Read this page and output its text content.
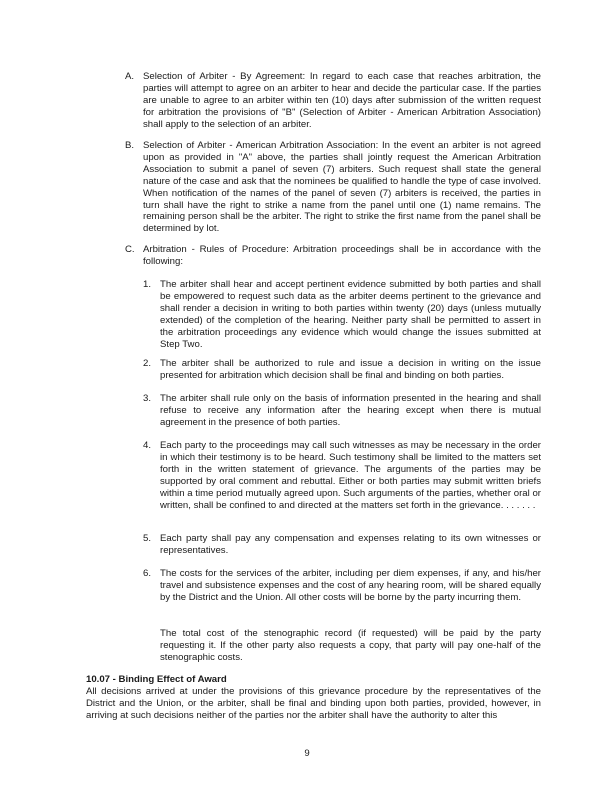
A. Selection of Arbiter - By Agreement: In regard to each case that reaches arbitration, the parties will attempt to agree on an arbiter to hear and decide the particular case. If the parties are unable to agree to an arbiter within ten (10) days after submission of the written request for arbitration the provisions of "B" (Selection of Arbiter - American Arbitration Association) shall apply to the selection of an arbiter.
B. Selection of Arbiter - American Arbitration Association: In the event an arbiter is not agreed upon as provided in "A" above, the parties shall jointly request the American Arbitration Association to submit a panel of seven (7) arbiters. Such request shall state the general nature of the case and ask that the nominees be qualified to handle the type of case involved. When notification of the names of the panel of seven (7) arbiters is received, the parties in turn shall have the right to strike a name from the panel until one (1) name remains. The remaining person shall be the arbiter. The right to strike the first name from the panel shall be determined by lot.
C. Arbitration - Rules of Procedure: Arbitration proceedings shall be in accordance with the following:
1. The arbiter shall hear and accept pertinent evidence submitted by both parties and shall be empowered to request such data as the arbiter deems pertinent to the grievance and shall render a decision in writing to both parties within twenty (20) days (unless mutually extended) of the completion of the hearing. Neither party shall be permitted to assert in the arbitration proceedings any evidence which would change the issues submitted at Step Two.
2. The arbiter shall be authorized to rule and issue a decision in writing on the issue presented for arbitration which decision shall be final and binding on both parties.
3. The arbiter shall rule only on the basis of information presented in the hearing and shall refuse to receive any information after the hearing except when there is mutual agreement in the presence of both parties.
4. Each party to the proceedings may call such witnesses as may be necessary in the order in which their testimony is to be heard. Such testimony shall be limited to the matters set forth in the written statement of grievance. The arguments of the parties may be supported by oral comment and rebuttal. Either or both parties may submit written briefs within a time period mutually agreed upon. Such arguments of the parties, whether oral or written, shall be confined to and directed at the matters set forth in the grievance. . . . . . .
5. Each party shall pay any compensation and expenses relating to its own witnesses or representatives.
6. The costs for the services of the arbiter, including per diem expenses, if any, and his/her travel and subsistence expenses and the cost of any hearing room, will be shared equally by the District and the Union. All other costs will be borne by the party incurring them.
The total cost of the stenographic record (if requested) will be paid by the party requesting it. If the other party also requests a copy, that party will pay one-half of the stenographic costs.
10.07 - Binding Effect of Award
All decisions arrived at under the provisions of this grievance procedure by the representatives of the District and the Union, or the arbiter, shall be final and binding upon both parties, provided, however, in arriving at such decisions neither of the parties nor the arbiter shall have the authority to alter this
9
